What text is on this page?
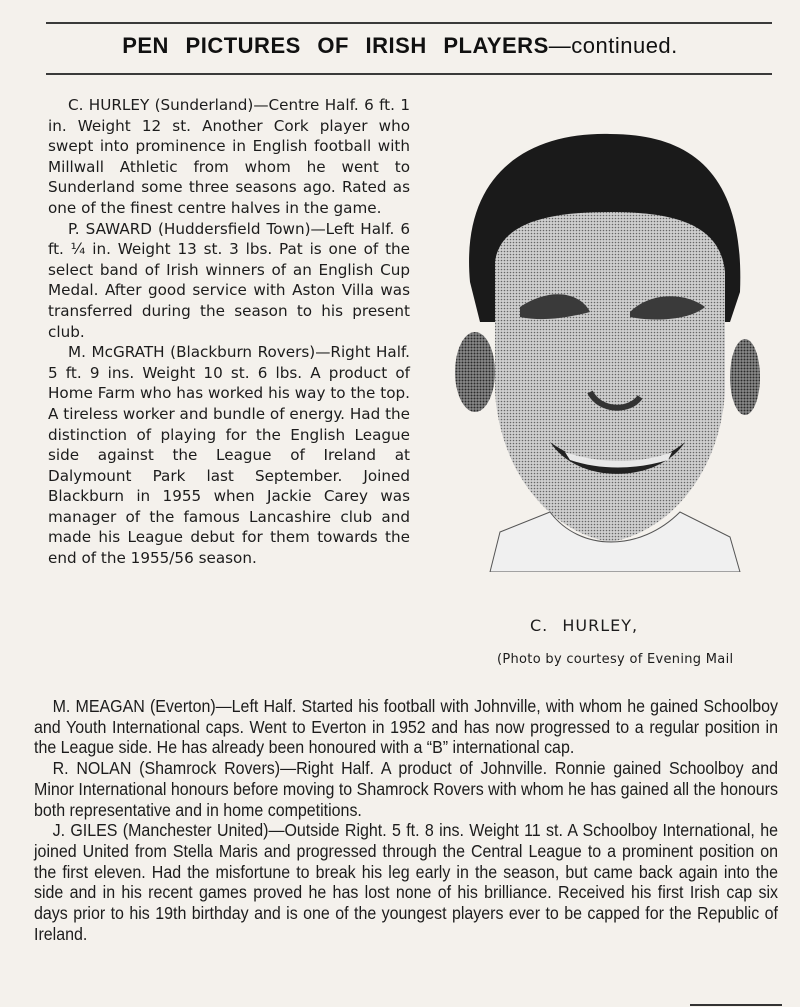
PEN PICTURES OF IRISH PLAYERS—continued.

C. HURLEY (Sunderland)—Centre Half. 6 ft. 1 in. Weight 12 st. Another Cork player who swept into prominence in English football with Millwall Athletic from whom he went to Sunderland some three seasons ago. Rated as one of the finest centre halves in the game.

P. SAWARD (Huddersfield Town)—Left Half. 6 ft. ¼ in. Weight 13 st. 3 lbs. Pat is one of the select band of Irish winners of an English Cup Medal. After good service with Aston Villa was transferred during the season to his present club.

M. McGRATH (Blackburn Rovers)—Right Half. 5 ft. 9 ins. Weight 10 st. 6 lbs. A product of Home Farm who has worked his way to the top. A tireless worker and bundle of energy. Had the distinction of playing for the English League side against the League of Ireland at Dalymount Park last September. Joined Blackburn in 1955 when Jackie Carey was manager of the famous Lancashire club and made his League debut for them towards the end of the 1955/56 season.

C. HURLEY,
(Photo by courtesy of Evening Mail

M. MEAGAN (Everton)—Left Half. Started his football with Johnville, with whom he gained Schoolboy and Youth International caps. Went to Everton in 1952 and has now progressed to a regular position in the League side. He has already been honoured with a “B” international cap.

R. NOLAN (Shamrock Rovers)—Right Half. A product of Johnville. Ronnie gained Schoolboy and Minor International honours before moving to Shamrock Rovers with whom he has gained all the honours both representative and in home competitions.

J. GILES (Manchester United)—Outside Right. 5 ft. 8 ins. Weight 11 st. A Schoolboy International, he joined United from Stella Maris and progressed through the Central League to a prominent position on the first eleven. Had the misfortune to break his leg early in the season, but came back again into the side and in his recent games proved he has lost none of his brilliance. Received his first Irish cap six days prior to his 19th birthday and is one of the youngest players ever to be capped for the Republic of Ireland.
